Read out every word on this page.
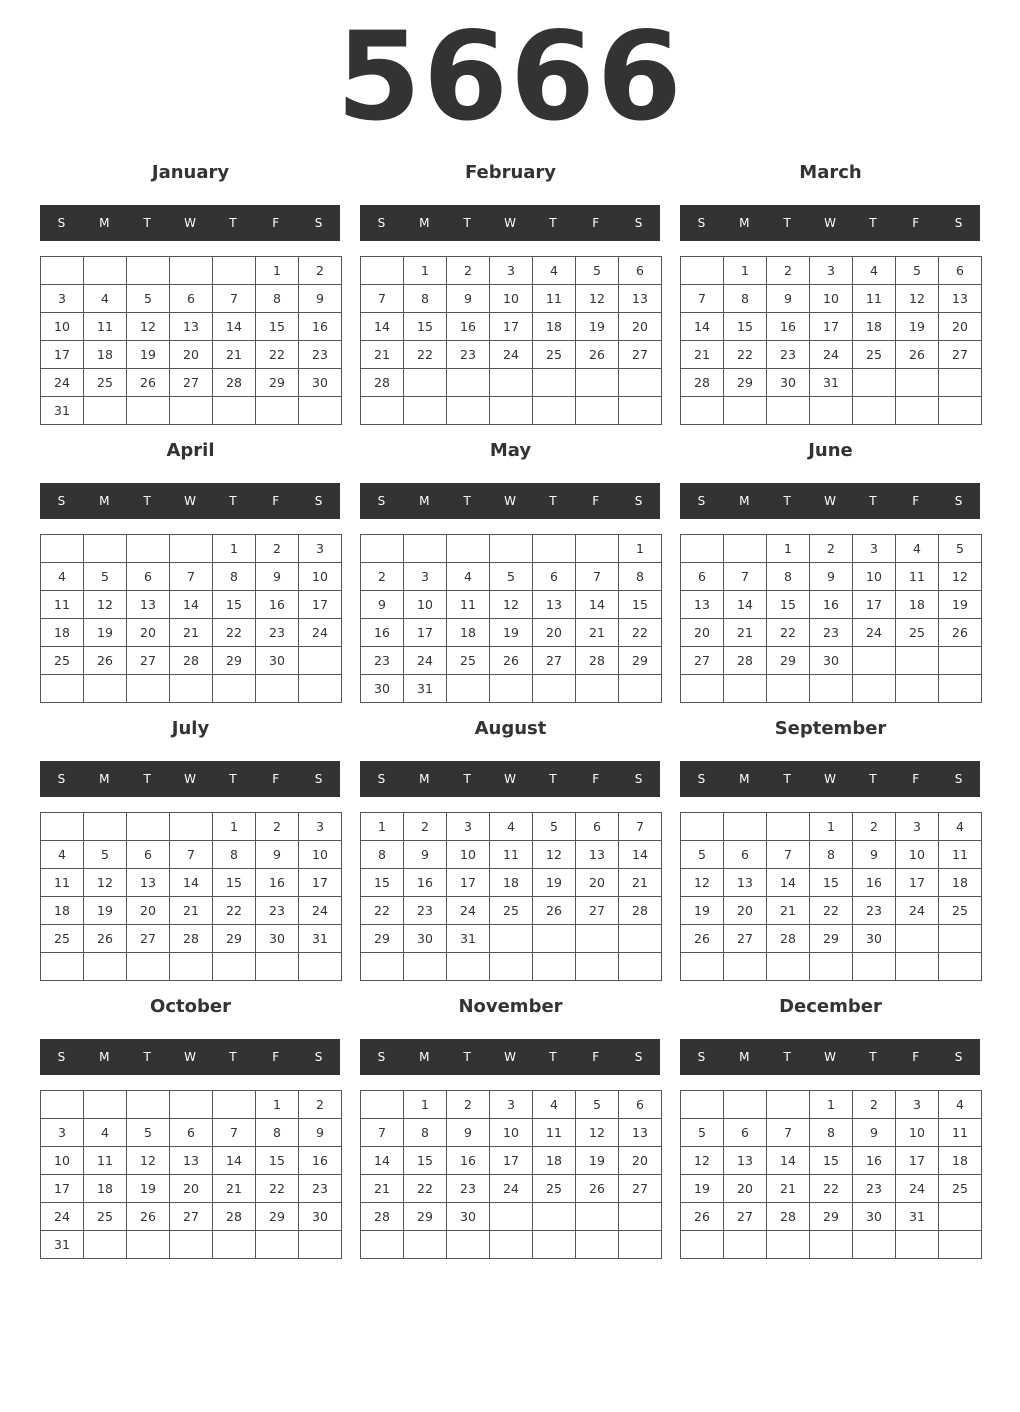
5666
January
S	M	T	W	T	F	S
					1	2
3	4	5	6	7	8	9
10	11	12	13	14	15	16
17	18	19	20	21	22	23
24	25	26	27	28	29	30
31						
February
S	M	T	W	T	F	S
	1	2	3	4	5	6
7	8	9	10	11	12	13
14	15	16	17	18	19	20
21	22	23	24	25	26	27
28						

March
S	M	T	W	T	F	S
	1	2	3	4	5	6
7	8	9	10	11	12	13
14	15	16	17	18	19	20
21	22	23	24	25	26	27
28	29	30	31			

April
S	M	T	W	T	F	S
				1	2	3
4	5	6	7	8	9	10
11	12	13	14	15	16	17
18	19	20	21	22	23	24
25	26	27	28	29	30	

May
S	M	T	W	T	F	S
						1
2	3	4	5	6	7	8
9	10	11	12	13	14	15
16	17	18	19	20	21	22
23	24	25	26	27	28	29
30	31					
June
S	M	T	W	T	F	S
		1	2	3	4	5
6	7	8	9	10	11	12
13	14	15	16	17	18	19
20	21	22	23	24	25	26
27	28	29	30			

July
S	M	T	W	T	F	S
				1	2	3
4	5	6	7	8	9	10
11	12	13	14	15	16	17
18	19	20	21	22	23	24
25	26	27	28	29	30	31

August
S	M	T	W	T	F	S
1	2	3	4	5	6	7
8	9	10	11	12	13	14
15	16	17	18	19	20	21
22	23	24	25	26	27	28
29	30	31				

September
S	M	T	W	T	F	S
			1	2	3	4
5	6	7	8	9	10	11
12	13	14	15	16	17	18
19	20	21	22	23	24	25
26	27	28	29	30		

October
S	M	T	W	T	F	S
					1	2
3	4	5	6	7	8	9
10	11	12	13	14	15	16
17	18	19	20	21	22	23
24	25	26	27	28	29	30
31						
November
S	M	T	W	T	F	S
	1	2	3	4	5	6
7	8	9	10	11	12	13
14	15	16	17	18	19	20
21	22	23	24	25	26	27
28	29	30				

December
S	M	T	W	T	F	S
			1	2	3	4
5	6	7	8	9	10	11
12	13	14	15	16	17	18
19	20	21	22	23	24	25
26	27	28	29	30	31	
